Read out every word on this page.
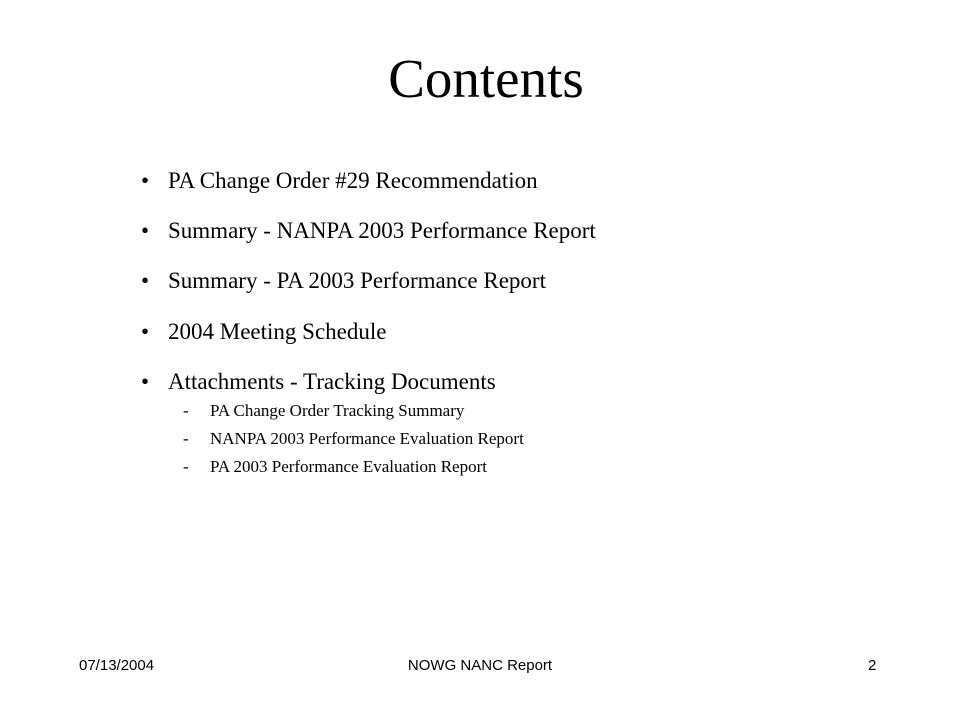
Contents
• PA Change Order #29 Recommendation
• Summary - NANPA 2003 Performance Report
• Summary - PA 2003 Performance Report
• 2004 Meeting Schedule
• Attachments - Tracking Documents
- PA Change Order Tracking Summary
- NANPA 2003 Performance Evaluation Report
- PA 2003 Performance Evaluation Report
07/13/2004	NOWG NANC Report	2
